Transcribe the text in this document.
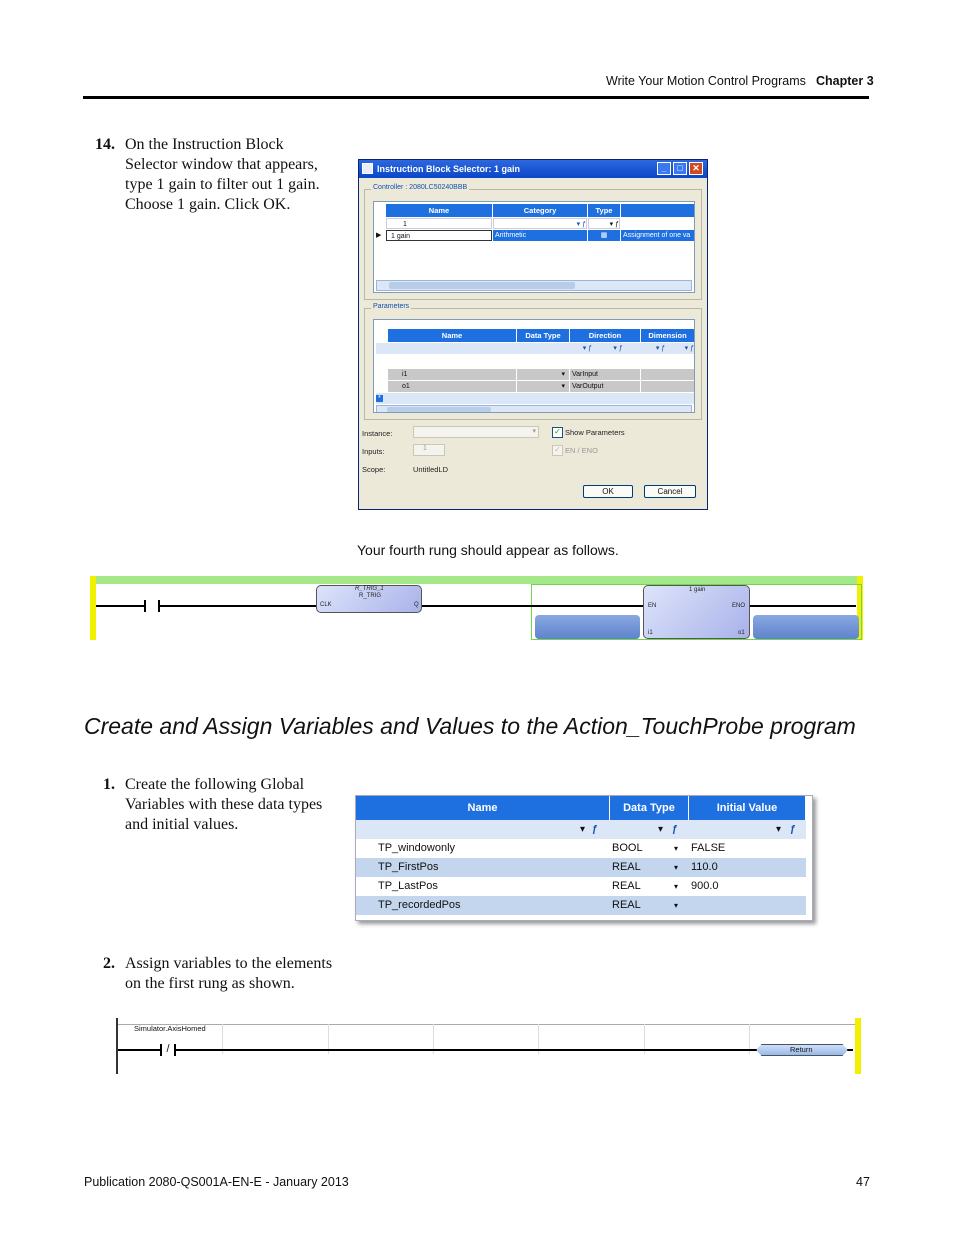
Write Your Motion Control Programs Chapter 3
14. On the Instruction Block
Selector window that appears,
type 1 gain to filter out 1 gain.
Choose 1 gain. Click OK.
Instruction Block Selector: 1 gain	_	□	✕
Controller : 2080LC50240BBB
Name	Category	Type
1	▾ ƒ	▾ ƒ
▶	1 gain	Arithmetic	▦	Assignment of one va
Parameters
Name	Data Type	Direction	Dimension
▾ ƒ           ▾ ƒ                 ▾ ƒ          ▾ ƒ
i1	▾	VarInput
o1	▾	VarOutput
*
Instance:	▾ ✓ Show Parameters
Inputs:	1	✓ EN / ENO
Scope:	UntitledLD
OK	Cancel
Your fourth rung should appear as follows.
R_TRIG_1
R_TRIG
CLK	Q
1 gain
EN	ENO
i1	o1
Create and Assign Variables and Values to the Action_TouchProbe program
1. Create the following Global
Variables with these data types
and initial values.
Name	Data Type	Initial Value
▾ ƒ	▾ ƒ	▾ ƒ
TP_windowonly	BOOL	▾	FALSE
TP_FirstPos	REAL	▾	110.0
TP_LastPos	REAL	▾	900.0
TP_recordedPos	REAL	▾
2. Assign variables to the elements
on the first rung as shown.
Simulator.AxisHomed
/	Return
Publication 2080-QS001A-EN-E - January 2013	47
